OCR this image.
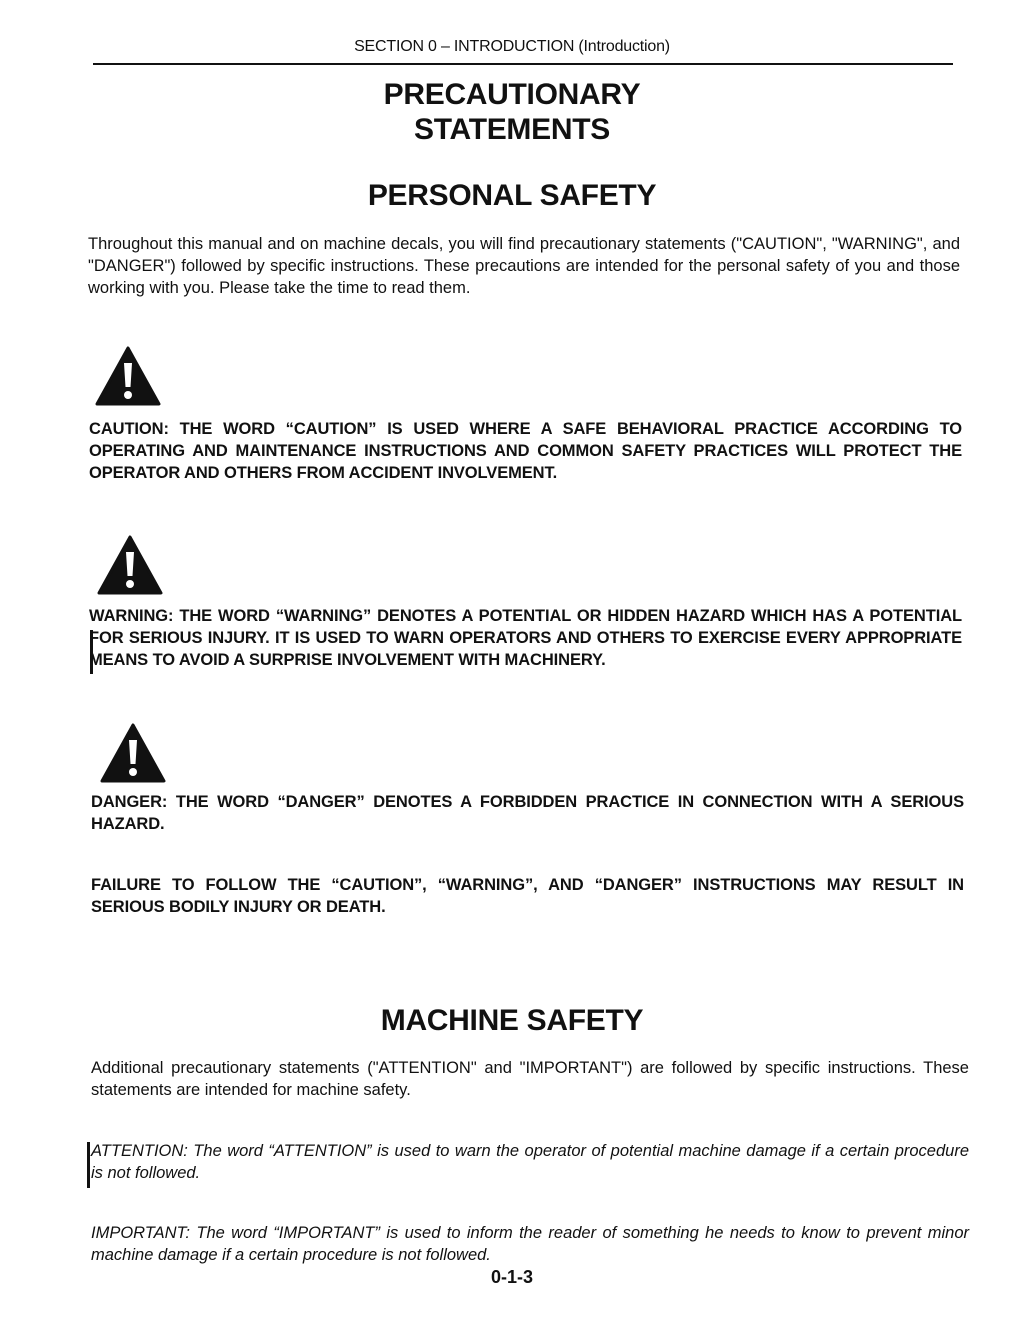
SECTION 0 – INTRODUCTION (Introduction)
PRECAUTIONARY
STATEMENTS
PERSONAL SAFETY

Throughout this manual and on machine decals, you will find precautionary statements ("CAUTION", "WARNING", and "DANGER") followed by specific instructions. These precautions are intended for the personal safety of you and those working with you. Please take the time to read them.

CAUTION: THE WORD “CAUTION” IS USED WHERE A SAFE BEHAVIORAL PRACTICE ACCORDING TO OPERATING AND MAINTENANCE INSTRUCTIONS AND COMMON SAFETY PRACTICES WILL PROTECT THE OPERATOR AND OTHERS FROM ACCIDENT INVOLVEMENT.

WARNING: THE WORD “WARNING” DENOTES A POTENTIAL OR HIDDEN HAZARD WHICH HAS A POTENTIAL FOR SERIOUS INJURY. IT IS USED TO WARN OPERATORS AND OTHERS TO EXERCISE EVERY APPROPRIATE MEANS TO AVOID A SURPRISE INVOLVEMENT WITH MACHINERY.

DANGER: THE WORD “DANGER” DENOTES A FORBIDDEN PRACTICE IN CONNECTION WITH A SERIOUS HAZARD.

FAILURE TO FOLLOW THE “CAUTION”, “WARNING”, AND “DANGER” INSTRUCTIONS MAY RESULT IN SERIOUS BODILY INJURY OR DEATH.

MACHINE SAFETY

Additional precautionary statements ("ATTENTION" and "IMPORTANT") are followed by specific instructions. These statements are intended for machine safety.

ATTENTION: The word “ATTENTION” is used to warn the operator of potential machine damage if a certain procedure is not followed.

IMPORTANT: The word “IMPORTANT” is used to inform the reader of something he needs to know to prevent minor machine damage if a certain procedure is not followed.

0-1-3
